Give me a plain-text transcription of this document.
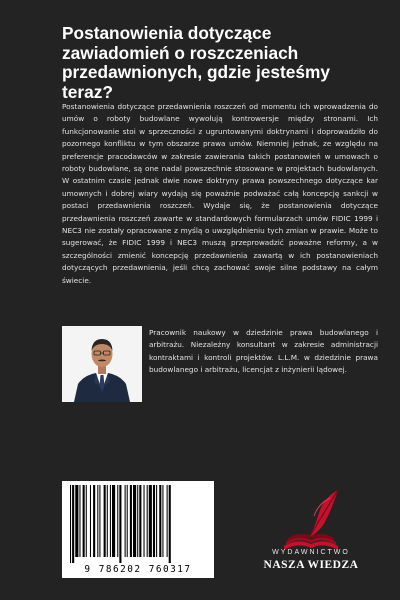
Postanowienia dotyczące zawiadomień o roszczeniach przedawnionych, gdzie jesteśmy teraz?

Postanowienia dotyczące przedawnienia roszczeń od momentu ich wprowadzenia do umów o roboty budowlane wywołują kontrowersje między stronami. Ich funkcjonowanie stoi w sprzeczności z ugruntowanymi doktrynami i doprowadziło do pozornego konfliktu w tym obszarze prawa umów. Niemniej jednak, ze względu na preferencje pracodawców w zakresie zawierania takich postanowień w umowach o roboty budowlane, są one nadal powszechnie stosowane w projektach budowlanych. W ostatnim czasie jednak dwie nowe doktryny prawa powszechnego dotyczące kar umownych i dobrej wiary wydają się poważnie podważać całą koncepcję sankcji w postaci przedawnienia roszczeń. Wydaje się, że postanowienia dotyczące przedawnienia roszczeń zawarte w standardowych formularzach umów FIDIC 1999 i NEC3 nie zostały opracowane z myślą o uwzględnieniu tych zmian w prawie. Może to sugerować, że FIDIC 1999 i NEC3 muszą przeprowadzić poważne reformy, a w szczególności zmienić koncepcję przedawnienia zawartą w ich postanowieniach dotyczących przedawnienia, jeśli chcą zachować swoje silne podstawy na całym świecie.

Pracownik naukowy w dziedzinie prawa budowlanego i arbitrażu. Niezależny konsultant w zakresie administracji kontraktami i kontroli projektów. L.L.M. w dziedzinie prawa budowlanego i arbitrażu, licencjat z inżynierii lądowej.

9 786202 760317
WYDAWNICTWO
NASZA WIEDZA
